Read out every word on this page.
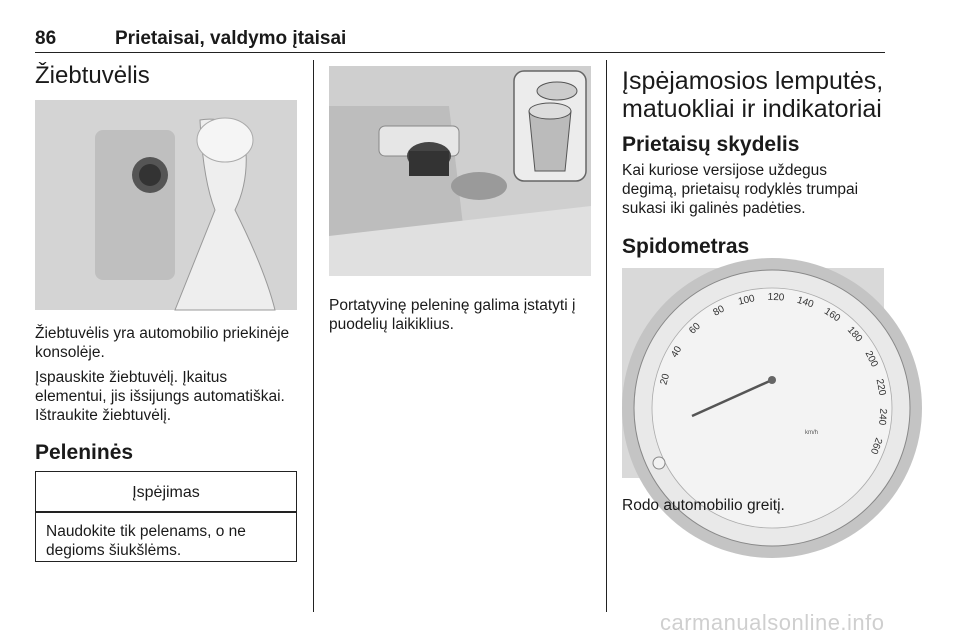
86	Prietaisai, valdymo įtaisai
Žiebtuvėlis

Žiebtuvėlis yra automobilio priekinėje konsolėje.

Įspauskite žiebtuvėlį. Įkaitus

elementui, jis išsijungs automatiškai.

Ištraukite žiebtuvėlį.

Peleninės
Įspėjimas
Naudokite tik pelenams, o ne degioms šiukšlėms.

Portatyvinę peleninę galima įstatyti į puodelių laikiklius.

Įspėjamosios lemputės,
matuokliai ir indikatoriai
Prietaisų skydelis

Kai kuriose versijose uždegus

degimą, prietaisų rodyklės trumpai

sukasi iki galinės padėties.

Spidometras
20
40
60
80
100 120 140
160
180
200
220
240
260
km/h

Rodo automobilio greitį.

carmanualsonline.info
